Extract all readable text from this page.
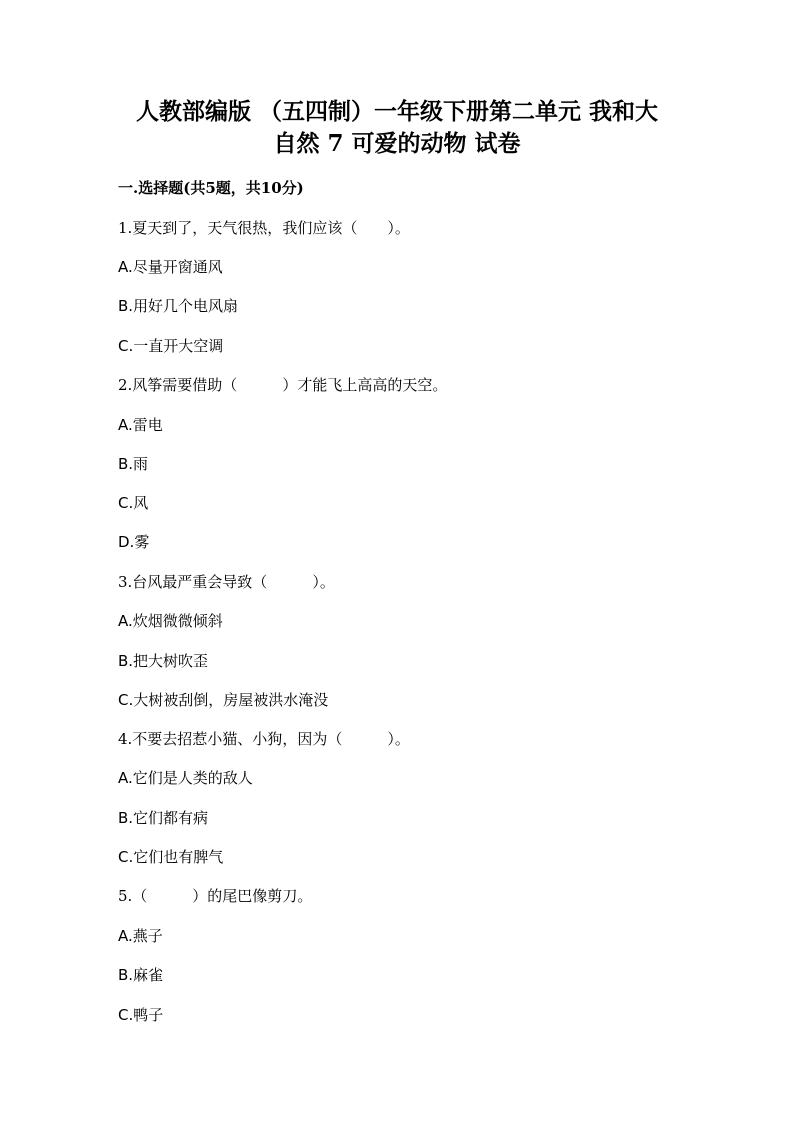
人教部编版 （五四制）一年级下册第二单元 我和大
自然 7 可爱的动物 试卷
一.选择题(共5题，共10分)
1.夏天到了，天气很热，我们应该（　　）。
A.尽量开窗通风
B.用好几个电风扇
C.一直开大空调
2.风筝需要借助（　　　）才能飞上高高的天空。
A.雷电
B.雨
C.风
D.雾
3.台风最严重会导致（　　　）。
A.炊烟微微倾斜
B.把大树吹歪
C.大树被刮倒，房屋被洪水淹没
4.不要去招惹小猫、小狗，因为（　　　）。
A.它们是人类的敌人
B.它们都有病
C.它们也有脾气
5.（　　　）的尾巴像剪刀。
A.燕子
B.麻雀
C.鸭子
